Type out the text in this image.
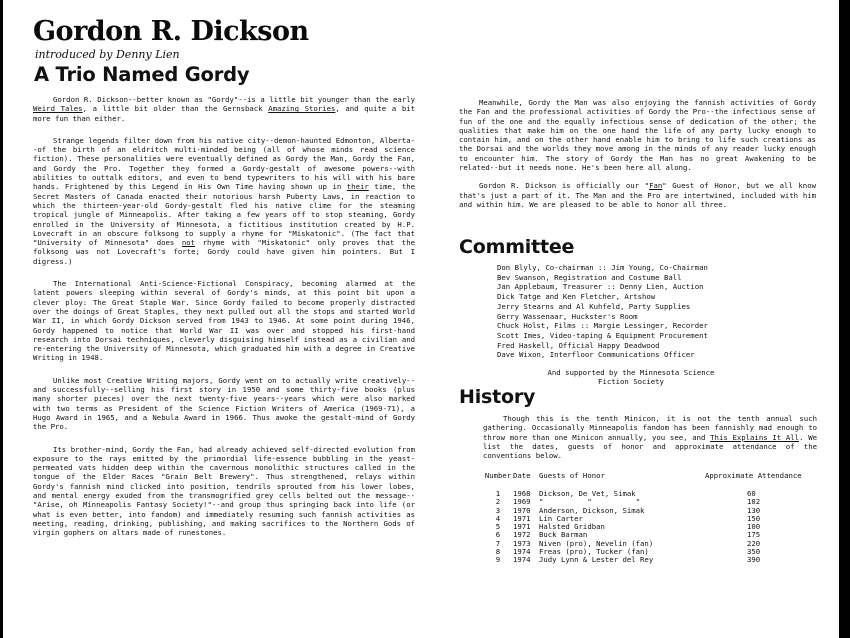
Gordon R. Dickson
introduced by Denny Lien
A Trio Named Gordy

Gordon R. Dickson--better known as "Gordy"--is a little bit younger than the early Weird Tales, a little bit older than the Gernsback Amazing Stories, and quite a bit more fun than either.

Strange legends filter down from his native city--demon-haunted Edmonton, Alberta--of the birth of an eldritch multi-minded being (all of whose minds read science fiction). These personalities were eventually defined as Gordy the Man, Gordy the Fan, and Gordy the Pro. Together they formed a Gordy-gestalt of awesome powers--with abilities to outtalk editors, and even to bend typewriters to his will with his bare hands. Frightened by this Legend in His Own Time having shown up in their time, the Secret Masters of Canada enacted their notorious harsh Puberty Laws, in reaction to which the thirteen-year-old Gordy-gestalt fled his native clime for the steaming tropical jungle of Minneapolis. After taking a few years off to stop steaming, Gordy enrolled in the University of Minnesota, a fictitious institution created by H.P. Lovecraft in an obscure folksong to supply a rhyme for "Miskatonic". (The fact that "University of Minnesota" does not rhyme with "Miskatonic" only proves that the folksong was not Lovecraft's forte; Gordy could have given him pointers. But I digress.)

The International Anti-Science-Fictional Conspiracy, becoming alarmed at the latent powers sleeping within several of Gordy's minds, at this point bit upon a clever ploy: The Great Staple War. Since Gordy failed to become properly distracted over the doings of Great Staples, they next pulled out all the stops and started World War II, in which Gordy Dickson served from 1943 to 1946. At some point during 1946, Gordy happened to notice that World War II was over and stopped his first-hand research into Dorsai techniques, cleverly disguising himself instead as a civilian and re-entering the University of Minnesota, which graduated him with a degree in Creative Writing in 1948.

Unlike most Creative Writing majors, Gordy went on to actually write creatively--and successfully--selling his first story in 1950 and some thirty-five books (plus many shorter pieces) over the next twenty-five years--years which were also marked with two terms as President of the Science Fiction Writers of America (1969-71), a Hugo Award in 1965, and a Nebula Award in 1966. Thus awoke the gestalt-mind of Gordy the Pro.

Its brother-mind, Gordy the Fan, had already achieved self-directed evolution from exposure to the rays emitted by the primordial life-essence bubbling in the yeast-permeated vats hidden deep within the cavernous monolithic structures called in the tongue of the Elder Races "Grain Belt Brewery". Thus strengthened, relays within Gordy's fannish mind clicked into position, tendrils sprouted from his lower lobes, and mental energy exuded from the transmogrified grey cells belted out the message--"Arise, oh Minneapolis Fantasy Society!"--and group thus springing back into life (or what is even better, into fandom) and immediately resuming such fannish activities as meeting, reading, drinking, publishing, and making sacrifices to the Northern Gods of virgin gophers on altars made of runestones.

Meanwhile, Gordy the Man was also enjoying the fannish activities of Gordy the Fan and the professional activities of Gordy the Pro--the infectious sense of fun of the one and the equally infectious sense of dedication of the other; the qualities that make him on the one hand the life of any party lucky enough to contain him, and on the other hand enable him to bring to life such creations as the Dorsai and the worlds they move among in the minds of any reader lucky enough to encounter him. The story of Gordy the Man has no great Awakening to be related--but it needs none. He's been here all along.

Gordon R. Dickson is officially our "Fan" Guest of Honor, but we all know that's just a part of it. The Man and the Pro are intertwined, included with him and within him. We are pleased to be able to honor all three.

Committee
Don Blyly, Co-chairman :: Jim Young, Co-Chairman
Bev Swanson, Registration and Costume Ball
Jan Applebaum, Treasurer :: Denny Lien, Auction
Dick Tatge and Ken Fletcher, Artshow
Jerry Stearns and Al Kuhfeld, Party Supplies
Gerry Wassenaar, Huckster's Room
Chuck Holst, Films :: Margie Lessinger, Recorder
Scott Imes, Video-taping & Equipment Procurement
Fred Haskell, Official Happy Deadwood
Dave Wixon, Interfloor Communications Officer

And supported by the Minnesota Science Fiction Society

History

Though this is the tenth Minicon, it is not the tenth annual such gathering. Occasionally Minneapolis fandom has been fannishly mad enough to throw more than one Minicon annually, you see, and This Explains It All. We list the dates, guests of honor and approximate attendance of the conventions below.

Number	Date	Guests of Honor	Approximate Attendance
1	1968	Dickson, De Vet, Simak	60
2	1969	"          "          "	102
3	1970	Anderson, Dickson, Simak	130
4	1971	Lin Carter	150
5	1971	Halsted Gridban	100
6	1972	Buck Barman	175
7	1973	Niven (pro), Nevelin (fan)	220
8	1974	Freas (pro), Tucker (fan)	350
9	1974	Judy Lynn & Lester del Rey	390
